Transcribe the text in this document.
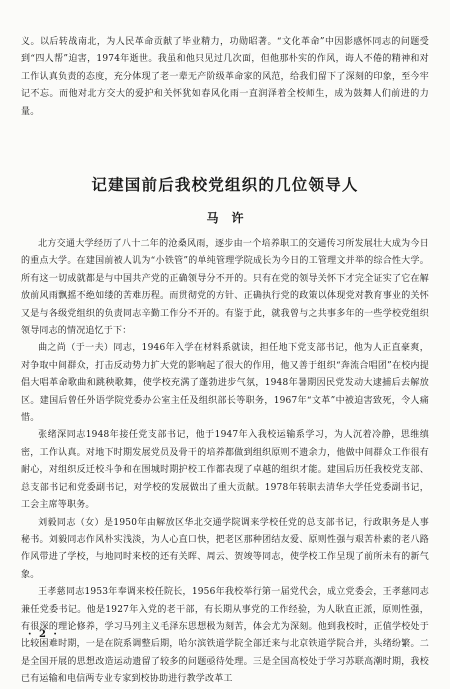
义。以后转战南北，为人民革命贡献了毕业精力，功勋昭著。“文化革命”中因影感怀同志的问题受到“四人帮”迫害，1974年逝世。我虽和他只见过几次面，但他那朴实的作风，诲人不倦的精神和对工作认真负责的态度，充分体现了老一辈无产阶级革命家的风范，给我们留下了深刻的印象，至今牢记不忘。而他对北方交大的爱护和关怀犹如春风化雨一直润泽着全校师生，成为鼓舞人们前进的力量。

记建国前后我校党组织的几位领导人

马许

北方交通大学经历了八十二年的沧桑风雨，逐步由一个培养职工的交通传习所发展壮大成为今日的重点大学。在建国前被人讥为“小铁管”的单纯管理学院成长为今日的工管理文并举的综合性大学。所有这一切成就都是与中国共产党的正确领导分不开的。只有在党的领导关怀下才完全证实了它在解放前风雨飘摇不绝如缕的苦难历程。而贯彻党的方针、正确执行党的政策以体现党对教育事业的关怀又是与各级党组织的负责同志辛勤工作分不开的。有鉴于此，就我曾与之共事多年的一些学校党组织领导同志的情况追忆于下：

曲之尚（于一夫）同志，1946年入学在材料系就读，担任地下党支部书记，他为人正直豪爽，对争取中间群众，打击反动势力扩大党的影响起了很大的作用，他又善于组织“奔流合唱团”在校内提倡大唱革命歌曲和跳秧歌舞，使学校充满了蓬勃进步气氛，1948年暑期因民党发动大逮捕后去解放区。建国后曾任外语学院党委办公室主任及组织部长等职务，1967年“文革”中被迫害致死，令人痛惜。

张绪深同志1948年接任党支部书记，他于1947年入我校运输系学习，为人沉着冷静，思维缜密，工作认真。对地下时期发展党员及骨干的培养都做到组织原则不遗余力，他做中间群众工作很有耐心，对组织反迁校斗争和在围城时期护校工作都表现了卓越的组织才能。建国后历任我校党支部、总支部书记和党委副书记，对学校的发展做出了重大贡献。1978年转职去清华大学任党委副书记，工会主席等职务。

刘毅同志（女）是1950年由解放区华北交通学院调来学校任党的总支部书记，行政职务是人事秘书。刘毅同志作风朴实浅淡，为人心直口快，把老区那种团结友爱、原则性强与艰苦朴素的老八路作风带进了学校，与地同时来校的还有关晖、周云、贺竣等同志，使学校工作呈现了前所未有的新气象。

王孝慈同志1953年奉调来校任院长，1956年我校举行第一届党代会，成立党委会，王孝慈同志兼任党委书记。他是1927年入党的老干部，有长期从事党的工作经验，为人耿直正派，原则性强，有很深的理论修养，学习马列主义毛泽东思想极为刻苦，体会尤为深刻。他到我校时，正值学校处于比较困难时期，一是在院系调整后期，哈尔滨铁道学院全部迁来与北京铁道学院合并，头绪纷繁。二是全国开展的思想改造运动遗留了较多的问题亟待处理。三是全国高校处于学习苏联高潮时期，我校已有运输和电信两专业专家到校协助进行教学改革工

· 2 ·
